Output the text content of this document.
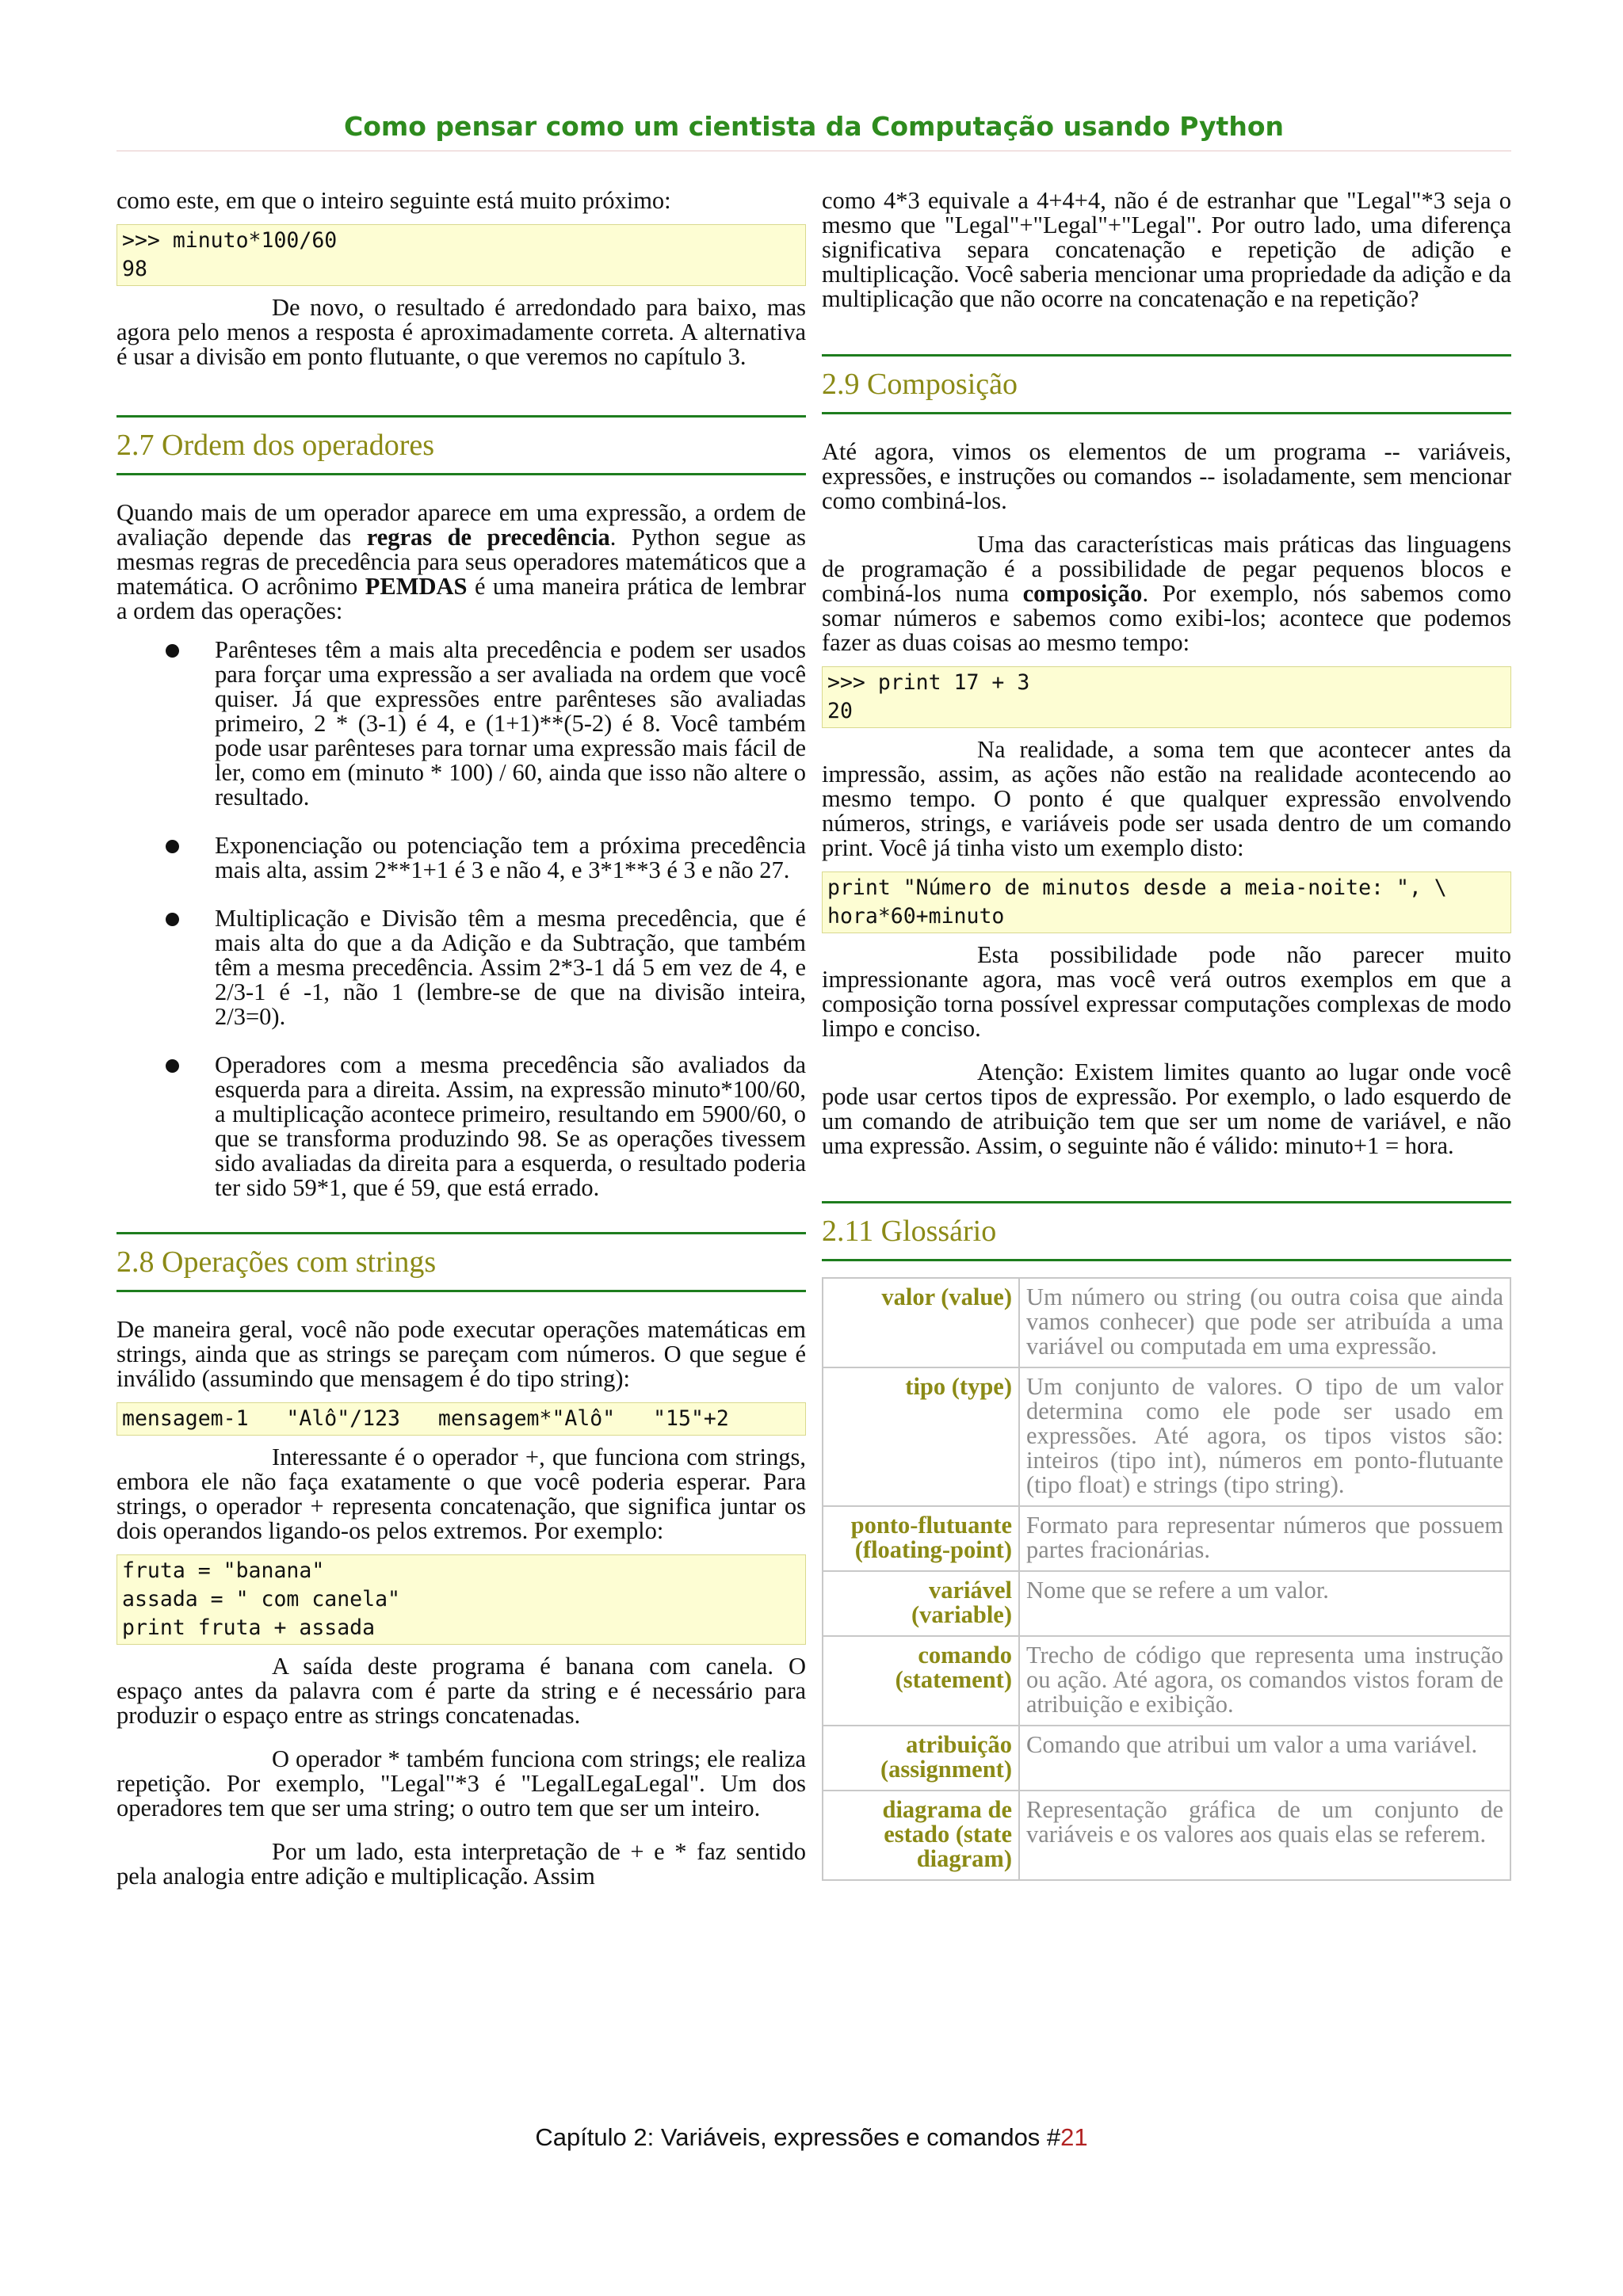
Como pensar como um cientista da Computação usando Python

como este, em que o inteiro seguinte está muito próximo:

>>> minuto*100/60
98

De novo, o resultado é arredondado para baixo, mas agora pelo menos a resposta é aproximadamente correta. A alternativa é usar a divisão em ponto flutuante, o que veremos no capítulo 3.

2.7 Ordem dos operadores

Quando mais de um operador aparece em uma expressão, a ordem de avaliação depende das regras de precedência. Python segue as mesmas regras de precedência para seus operadores matemáticos que a matemática. O acrônimo PEMDAS é uma maneira prática de lembrar a ordem das operações:

Parênteses têm a mais alta precedência e podem ser usados para forçar uma expressão a ser avaliada na ordem que você quiser. Já que expressões entre parênteses são avaliadas primeiro, 2 * (3-1) é 4, e (1+1)**(5-2) é 8. Você também pode usar parênteses para tornar uma expressão mais fácil de ler, como em (minuto * 100) / 60, ainda que isso não altere o resultado.

Exponenciação ou potenciação tem a próxima precedência mais alta, assim 2**1+1 é 3 e não 4, e 3*1**3 é 3 e não 27.

Multiplicação e Divisão têm a mesma precedência, que é mais alta do que a da Adição e da Subtração, que também têm a mesma precedência. Assim 2*3-1 dá 5 em vez de 4, e 2/3-1 é -1, não 1 (lembre-se de que na divisão inteira, 2/3=0).

Operadores com a mesma precedência são avaliados da esquerda para a direita. Assim, na expressão minuto*100/60, a multiplicação acontece primeiro, resultando em 5900/60, o que se transforma produzindo 98. Se as operações tivessem sido avaliadas da direita para a esquerda, o resultado poderia ter sido 59*1, que é 59, que está errado.

2.8 Operações com strings

De maneira geral, você não pode executar operações matemáticas em strings, ainda que as strings se pareçam com números. O que segue é inválido (assumindo que mensagem é do tipo string):

mensagem-1   "Alô"/123   mensagem*"Alô"   "15"+2

Interessante é o operador +, que funciona com strings, embora ele não faça exatamente o que você poderia esperar. Para strings, o operador + representa concatenação, que significa juntar os dois operandos ligando-os pelos extremos. Por exemplo:

fruta = "banana"
assada = " com canela"
print fruta + assada

A saída deste programa é banana com canela. O espaço antes da palavra com é parte da string e é necessário para produzir o espaço entre as strings concatenadas.

O operador * também funciona com strings; ele realiza repetição. Por exemplo, "Legal"*3 é "LegalLegaLegal". Um dos operadores tem que ser uma string; o outro tem que ser um inteiro.

Por um lado, esta interpretação de + e * faz sentido pela analogia entre adição e multiplicação. Assim

como 4*3 equivale a 4+4+4, não é de estranhar que "Legal"*3 seja o mesmo que "Legal"+"Legal"+"Legal". Por outro lado, uma diferença significativa separa concatenação e repetição de adição e multiplicação. Você saberia mencionar uma propriedade da adição e da multiplicação que não ocorre na concatenação e na repetição?

2.9 Composição

Até agora, vimos os elementos de um programa -- variáveis, expressões, e instruções ou comandos -- isoladamente, sem mencionar como combiná-los.

Uma das características mais práticas das linguagens de programação é a possibilidade de pegar pequenos blocos e combiná-los numa composição. Por exemplo, nós sabemos como somar números e sabemos como exibi-los; acontece que podemos fazer as duas coisas ao mesmo tempo:

>>> print 17 + 3
20

Na realidade, a soma tem que acontecer antes da impressão, assim, as ações não estão na realidade acontecendo ao mesmo tempo. O ponto é que qualquer expressão envolvendo números, strings, e variáveis pode ser usada dentro de um comando print. Você já tinha visto um exemplo disto:

print "Número de minutos desde a meia-noite: ", \
hora*60+minuto

Esta possibilidade pode não parecer muito impressionante agora, mas você verá outros exemplos em que a composição torna possível expressar computações complexas de modo limpo e conciso.

Atenção: Existem limites quanto ao lugar onde você pode usar certos tipos de expressão. Por exemplo, o lado esquerdo de um comando de atribuição tem que ser um nome de variável, e não uma expressão. Assim, o seguinte não é válido: minuto+1 = hora.

2.11 Glossário
valor (value)	Um número ou string (ou outra coisa que ainda vamos conhecer) que pode ser atribuída a uma variável ou computada em uma expressão.
tipo (type)	Um conjunto de valores. O tipo de um valor determina como ele pode ser usado em expressões. Até agora, os tipos vistos são: inteiros (tipo int), números em ponto-flutuante (tipo float) e strings (tipo string).
ponto-flutuante (floating-point)	Formato para representar números que possuem partes fracionárias.
variável (variable)	Nome que se refere a um valor.
comando (statement)	Trecho de código que representa uma instrução ou ação. Até agora, os comandos vistos foram de atribuição e exibição.
atribuição (assignment)	Comando que atribui um valor a uma variável.
diagrama de estado (state diagram)	Representação gráfica de um conjunto de variáveis e os valores aos quais elas se referem.
Capítulo 2: Variáveis, expressões e comandos #21
